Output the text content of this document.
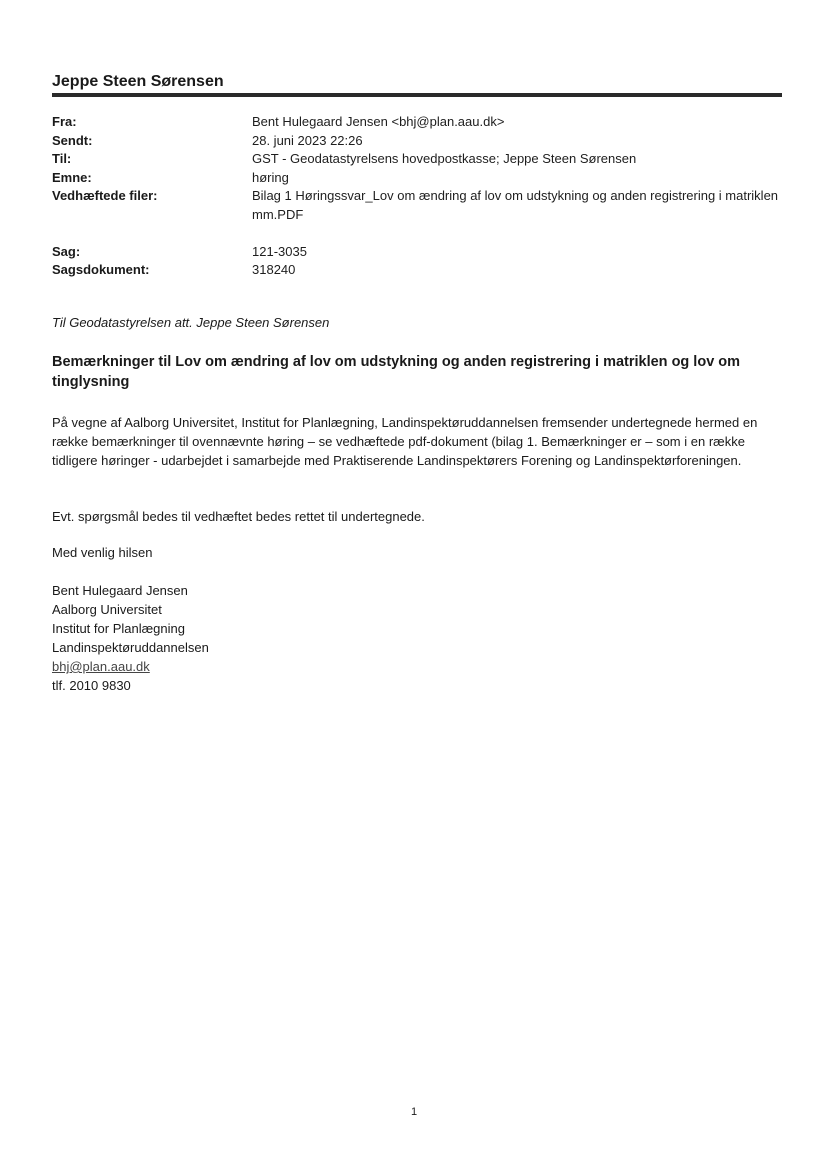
Jeppe Steen Sørensen
Fra:	Bent Hulegaard Jensen <bhj@plan.aau.dk>
Sendt:	28. juni 2023 22:26
Til:	GST - Geodatastyrelsens hovedpostkasse; Jeppe Steen Sørensen
Emne:	høring
Vedhæftede filer:	Bilag 1 Høringssvar_Lov om ændring af lov om udstykning og anden registrering i matriklen mm.PDF
Sag:	121-3035
Sagsdokument:	318240
Til Geodatastyrelsen att. Jeppe Steen Sørensen
Bemærkninger til Lov om ændring af lov om udstykning og anden registrering i matriklen og lov om tinglysning
På vegne af Aalborg Universitet, Institut for Planlægning, Landinspektøruddannelsen fremsender undertegnede hermed en række bemærkninger til ovennævnte høring – se vedhæftede pdf-dokument (bilag 1. Bemærkninger er – som i en række tidligere høringer - udarbejdet i samarbejde med Praktiserende Landinspektørers Forening og Landinspektørforeningen.
Evt. spørgsmål bedes til vedhæftet bedes rettet til undertegnede.
Med venlig hilsen
Bent Hulegaard Jensen
Aalborg Universitet
Institut for Planlægning
Landinspektøruddannelsen
bhj@plan.aau.dk
tlf. 2010 9830
1
